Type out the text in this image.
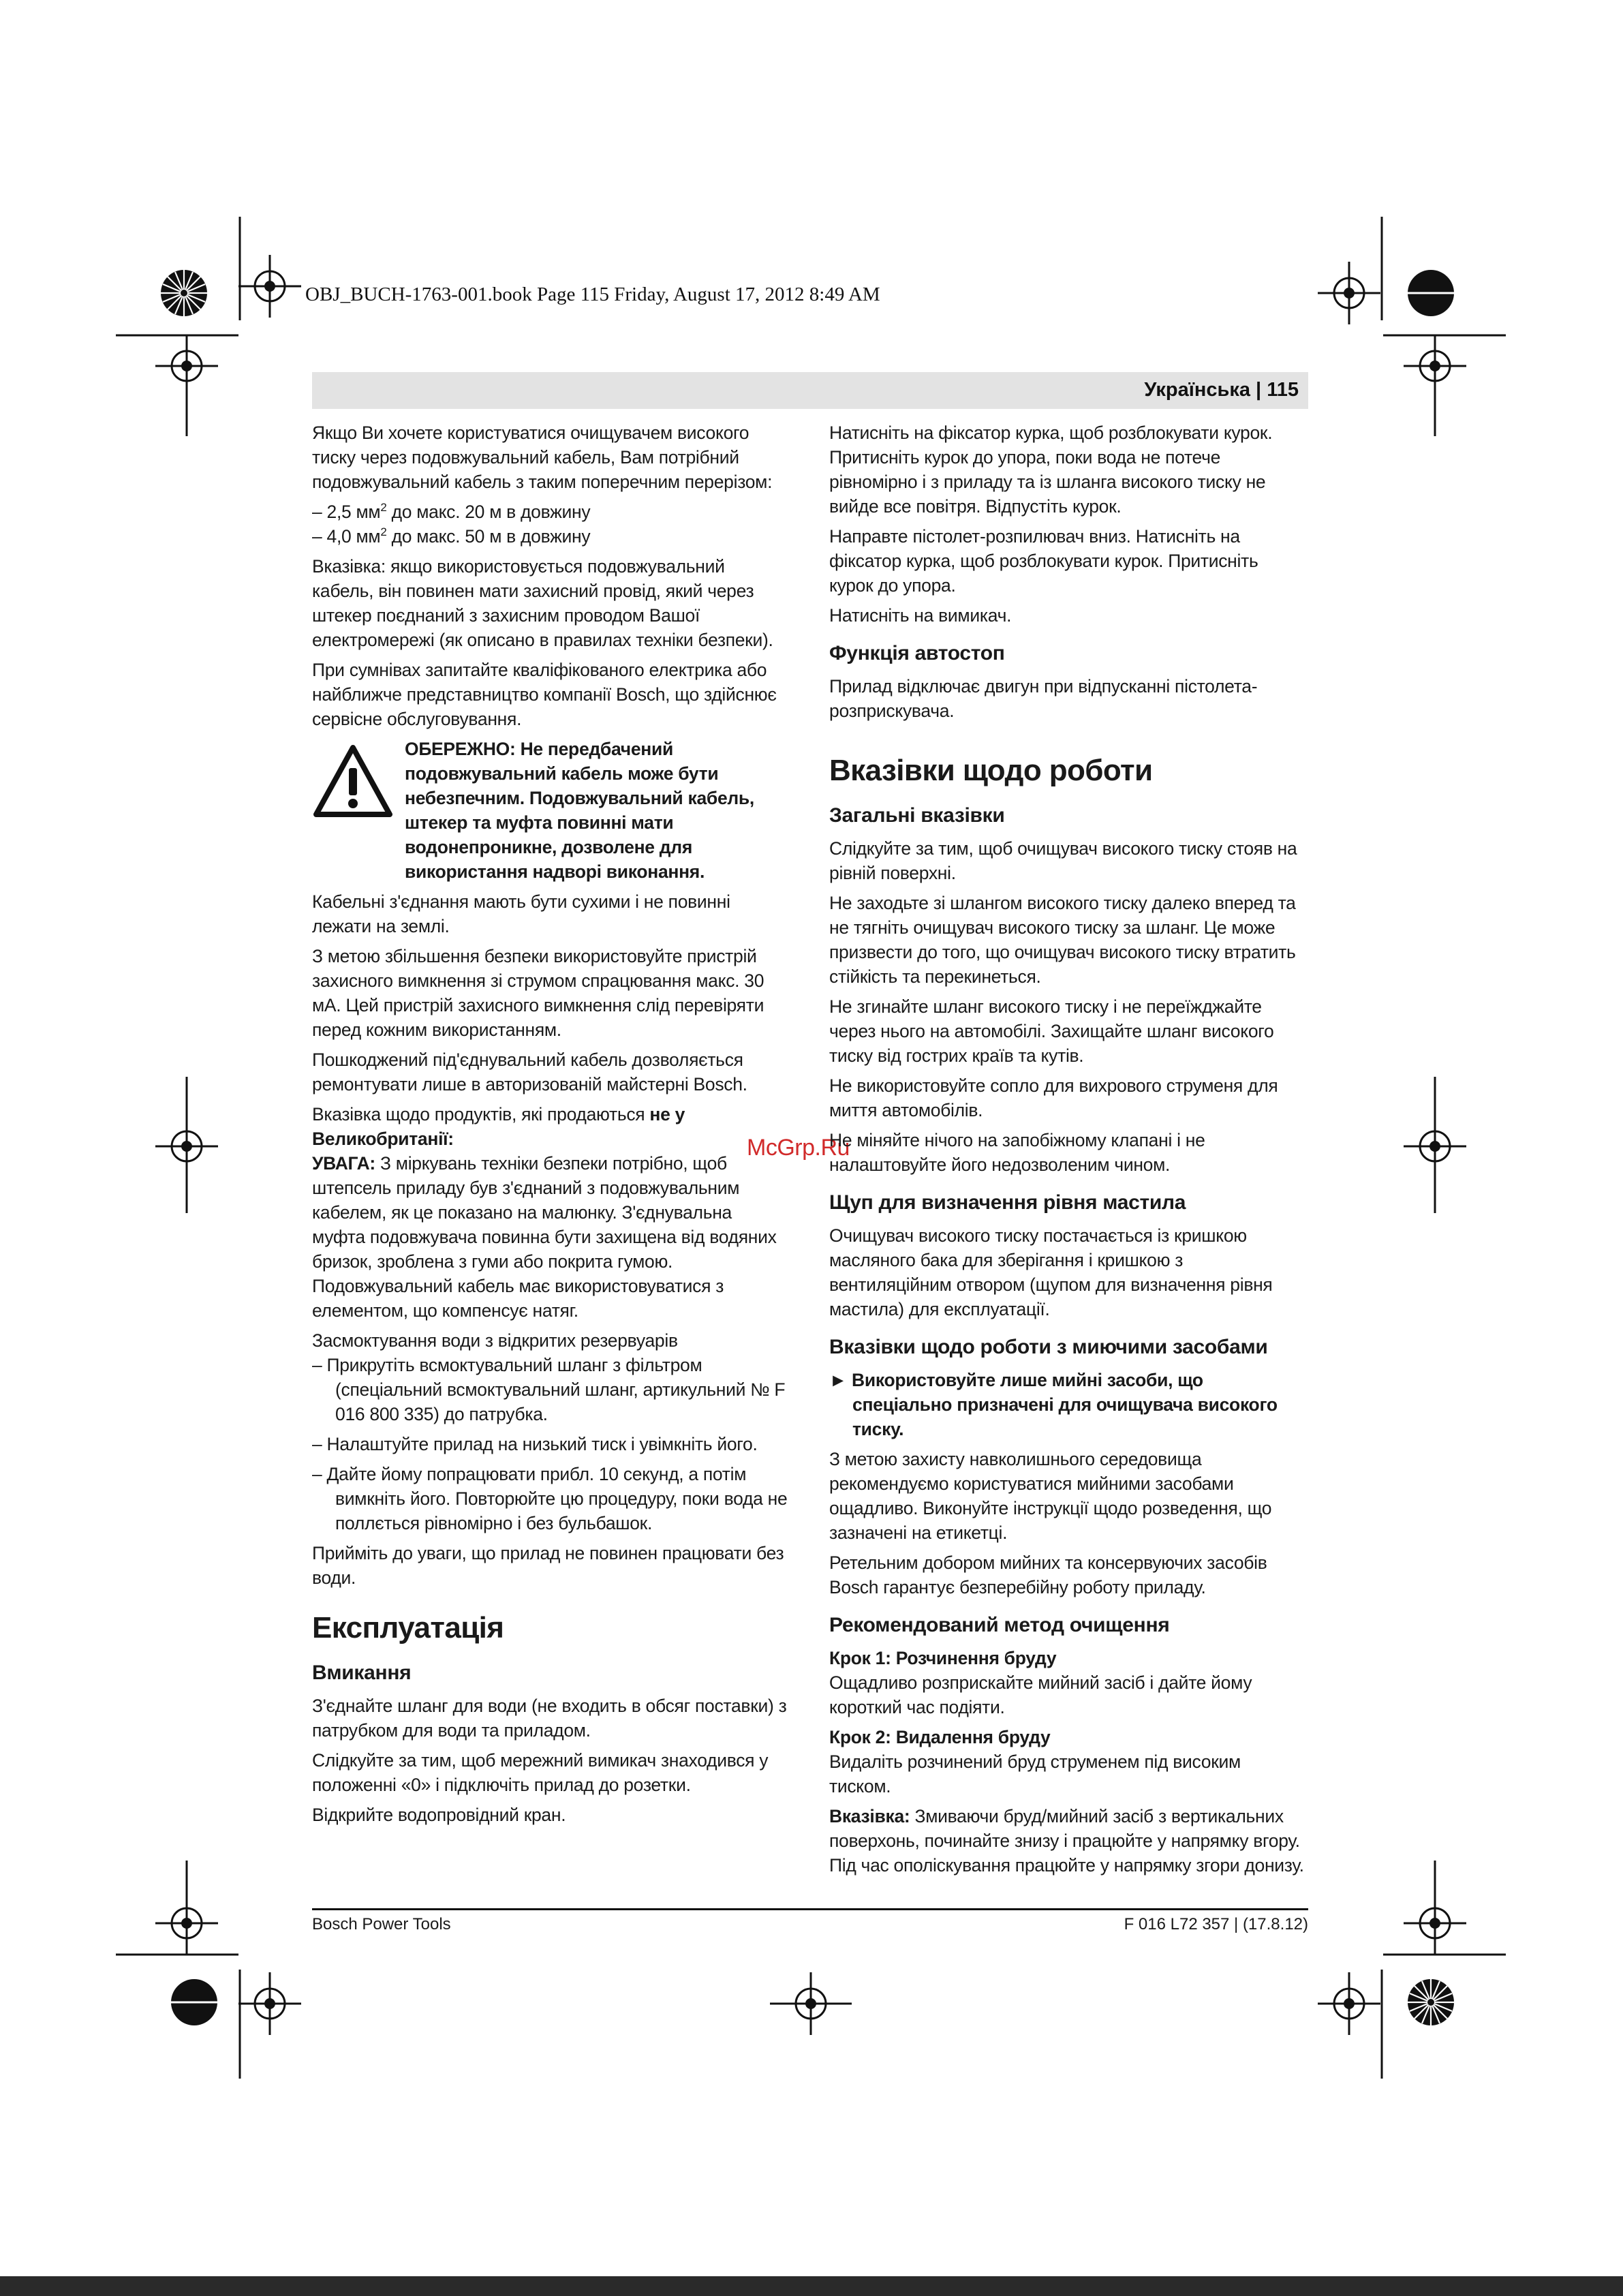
OBJ_BUCH-1763-001.book Page 115 Friday, August 17, 2012 8:49 AM
Українська | 115
McGrp.Ru

Якщо Ви хочете користуватися очищувачем високого тиску через подовжувальний кабель, Вам потрібний подовжувальний кабель з таким поперечним перерізом:

– 2,5 $мм^2$ до макс. 20 м в довжину

– 4,0 $мм^2$ до макс. 50 м в довжину

Вказівка: якщо використовується подовжувальний кабель, він повинен мати захисний провід, який через штекер поєднаний з захисним проводом Вашої електромережі (як описано в правилах техніки безпеки).

При сумнівах запитайте кваліфікованого електрика або найближче представництво компанії Bosch, що здійснює сервісне обслуговування.

ОБЕРЕЖНО: Не передбачений подовжувальний кабель може бути небезпечним. Подовжувальний кабель, штекер та муфта повинні мати водонепроникне, дозволене для використання надворі виконання.

Кабельні з'єднання мають бути сухими і не повинні лежати на землі.

З метою збільшення безпеки використовуйте пристрій захисного вимкнення зі струмом спрацювання макс. 30 мА. Цей пристрій захисного вимкнення слід перевіряти перед кожним використанням.

Пошкоджений під'єднувальний кабель дозволяється ремонтувати лише в авторизованій майстерні Bosch.

Вказівка щодо продуктів, які продаються не у Великобританії:

УВАГА: З міркувань техніки безпеки потрібно, щоб штепсель приладу був з'єднаний з подовжувальним кабелем, як це показано на малюнку. З'єднувальна муфта подовжувача повинна бути захищена від водяних бризок, зроблена з гуми або покрита гумою. Подовжувальний кабель має використовуватися з елементом, що компенсує натяг.

Засмоктування води з відкритих резервуарів

– Прикрутіть всмоктувальний шланг з фільтром (спеціальний всмоктувальний шланг, артикульний № F 016 800 335) до патрубка.

– Налаштуйте прилад на низький тиск і увімкніть його.

– Дайте йому попрацювати прибл. 10 секунд, а потім вимкніть його. Повторюйте цю процедуру, поки вода не поллється рівномірно і без бульбашок.

Прийміть до уваги, що прилад не повинен працювати без води.

Експлуатація
Вмикання

З'єднайте шланг для води (не входить в обсяг поставки) з патрубком для води та приладом.

Слідкуйте за тим, щоб мережний вимикач знаходився у положенні «0» і підключіть прилад до розетки.

Відкрийте водопровідний кран.

Натисніть на фіксатор курка, щоб розблокувати курок. Притисніть курок до упора, поки вода не потече рівномірно і з приладу та із шланга високого тиску не вийде все повітря. Відпустіть курок.

Направте пістолет-розпилювач вниз. Натисніть на фіксатор курка, щоб розблокувати курок. Притисніть курок до упора.

Натисніть на вимикач.

Функція автостоп

Прилад відключає двигун при відпусканні пістолета-розприскувача.

Вказівки щодо роботи
Загальні вказівки

Слідкуйте за тим, щоб очищувач високого тиску стояв на рівній поверхні.

Не заходьте зі шлангом високого тиску далеко вперед та не тягніть очищувач високого тиску за шланг. Це може призвести до того, що очищувач високого тиску втратить стійкість та перекинеться.

Не згинайте шланг високого тиску і не переїжджайте через нього на автомобілі. Захищайте шланг високого тиску від гострих країв та кутів.

Не використовуйте сопло для вихрового струменя для миття автомобілів.

Не міняйте нічого на запобіжному клапані і не налаштовуйте його недозволеним чином.

Щуп для визначення рівня мастила

Очищувач високого тиску постачається із кришкою масляного бака для зберігання і кришкою з вентиляційним отвором (щупом для визначення рівня мастила) для експлуатації.

Вказівки щодо роботи з миючими засобами

► Використовуйте лише мийні засоби, що спеціально призначені для очищувача високого тиску.

З метою захисту навколишнього середовища рекомендуємо користуватися мийними засобами ощадливо. Виконуйте інструкції щодо розведення, що зазначені на етикетці.

Ретельним добором мийних та консервуючих засобів Bosch гарантує безперебійну роботу приладу.

Рекомендований метод очищення

Крок 1: Розчинення бруду

Ощадливо розприскайте мийний засіб і дайте йому короткий час подіяти.

Крок 2: Видалення бруду

Видаліть розчинений бруд струменем під високим тиском.

Вказівка: Змиваючи бруд/мийний засіб з вертикальних поверхонь, починайте знизу і працюйте у напрямку вгору. Під час ополіскування працюйте у напрямку згори донизу.

Bosch Power Tools	F 016 L72 357 | (17.8.12)
